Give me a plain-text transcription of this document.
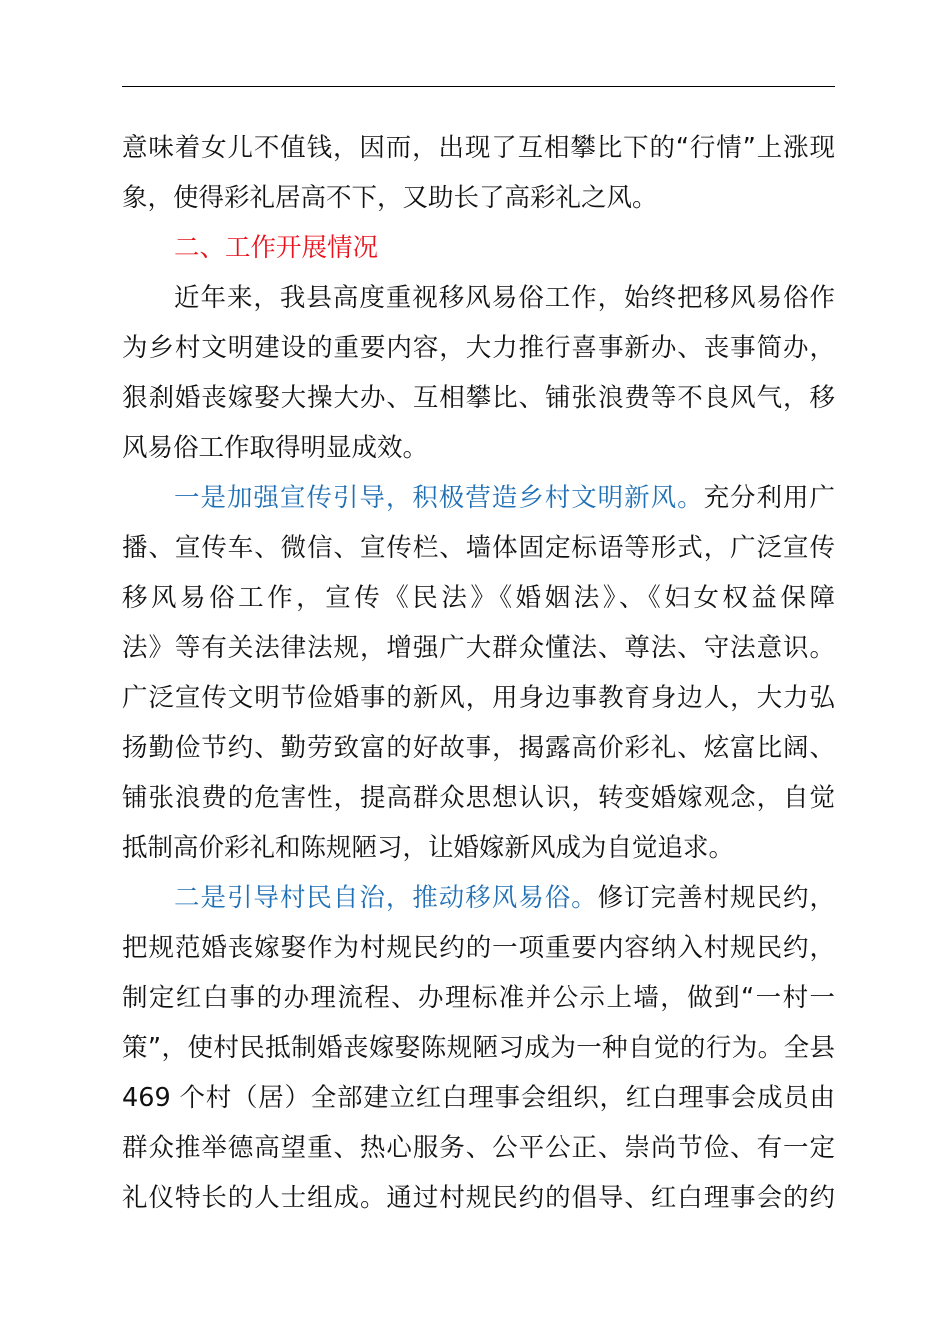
意味着女儿不值钱，因而，出现了互相攀比下的“行情”上涨现
象，使得彩礼居高不下，又助长了高彩礼之风。
二、工作开展情况
近年来，我县高度重视移风易俗工作，始终把移风易俗作
为乡村文明建设的重要内容，大力推行喜事新办、丧事简办，
狠刹婚丧嫁娶大操大办、互相攀比、铺张浪费等不良风气，移
风易俗工作取得明显成效。
一是加强宣传引导，积极营造乡村文明新风。充分利用广
播、宣传车、微信、宣传栏、墙体固定标语等形式，广泛宣传
移风易俗工作，宣传《民法》《婚姻法》、《妇女权益保障
法》等有关法律法规，增强广大群众懂法、尊法、守法意识。
广泛宣传文明节俭婚事的新风，用身边事教育身边人，大力弘
扬勤俭节约、勤劳致富的好故事，揭露高价彩礼、炫富比阔、
铺张浪费的危害性，提高群众思想认识，转变婚嫁观念，自觉
抵制高价彩礼和陈规陋习，让婚嫁新风成为自觉追求。
二是引导村民自治，推动移风易俗。修订完善村规民约，
把规范婚丧嫁娶作为村规民约的一项重要内容纳入村规民约，
制定红白事的办理流程、办理标准并公示上墙，做到“一村一
策”，使村民抵制婚丧嫁娶陈规陋习成为一种自觉的行为。全县
469 个村（居）全部建立红白理事会组织，红白理事会成员由
群众推举德高望重、热心服务、公平公正、崇尚节俭、有一定
礼仪特长的人士组成。通过村规民约的倡导、红白理事会的约
